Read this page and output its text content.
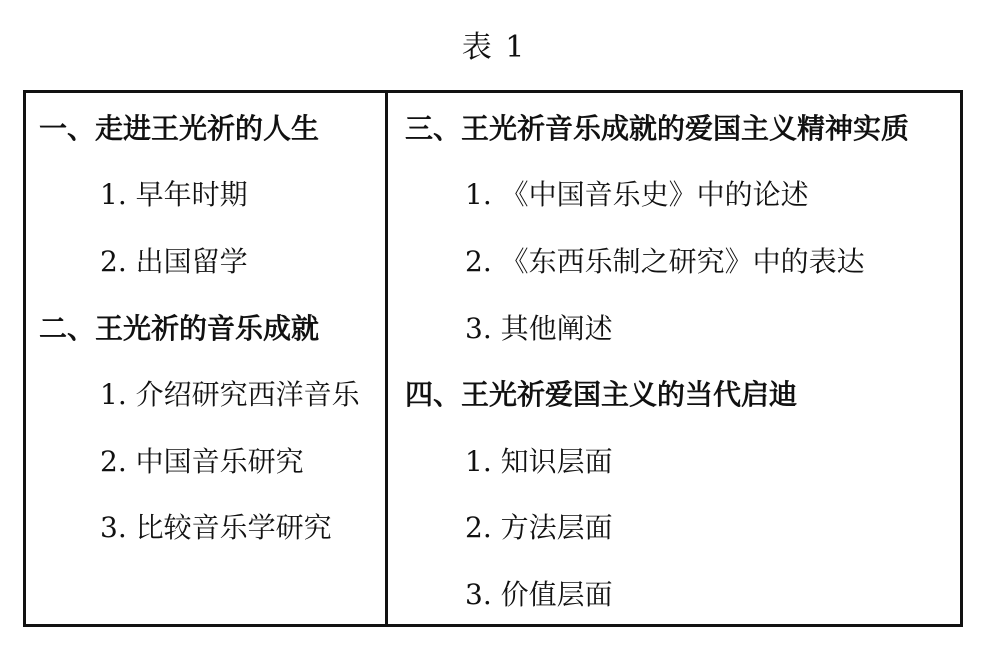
表 1
一、走进王光祈的人生
1. 早年时期
2. 出国留学
二、王光祈的音乐成就
1. 介绍研究西洋音乐
2. 中国音乐研究
3. 比较音乐学研究
三、王光祈音乐成就的爱国主义精神实质
1. 《中国音乐史》中的论述
2. 《东西乐制之研究》中的表达
3. 其他阐述
四、王光祈爱国主义的当代启迪
1. 知识层面
2. 方法层面
3. 价值层面
